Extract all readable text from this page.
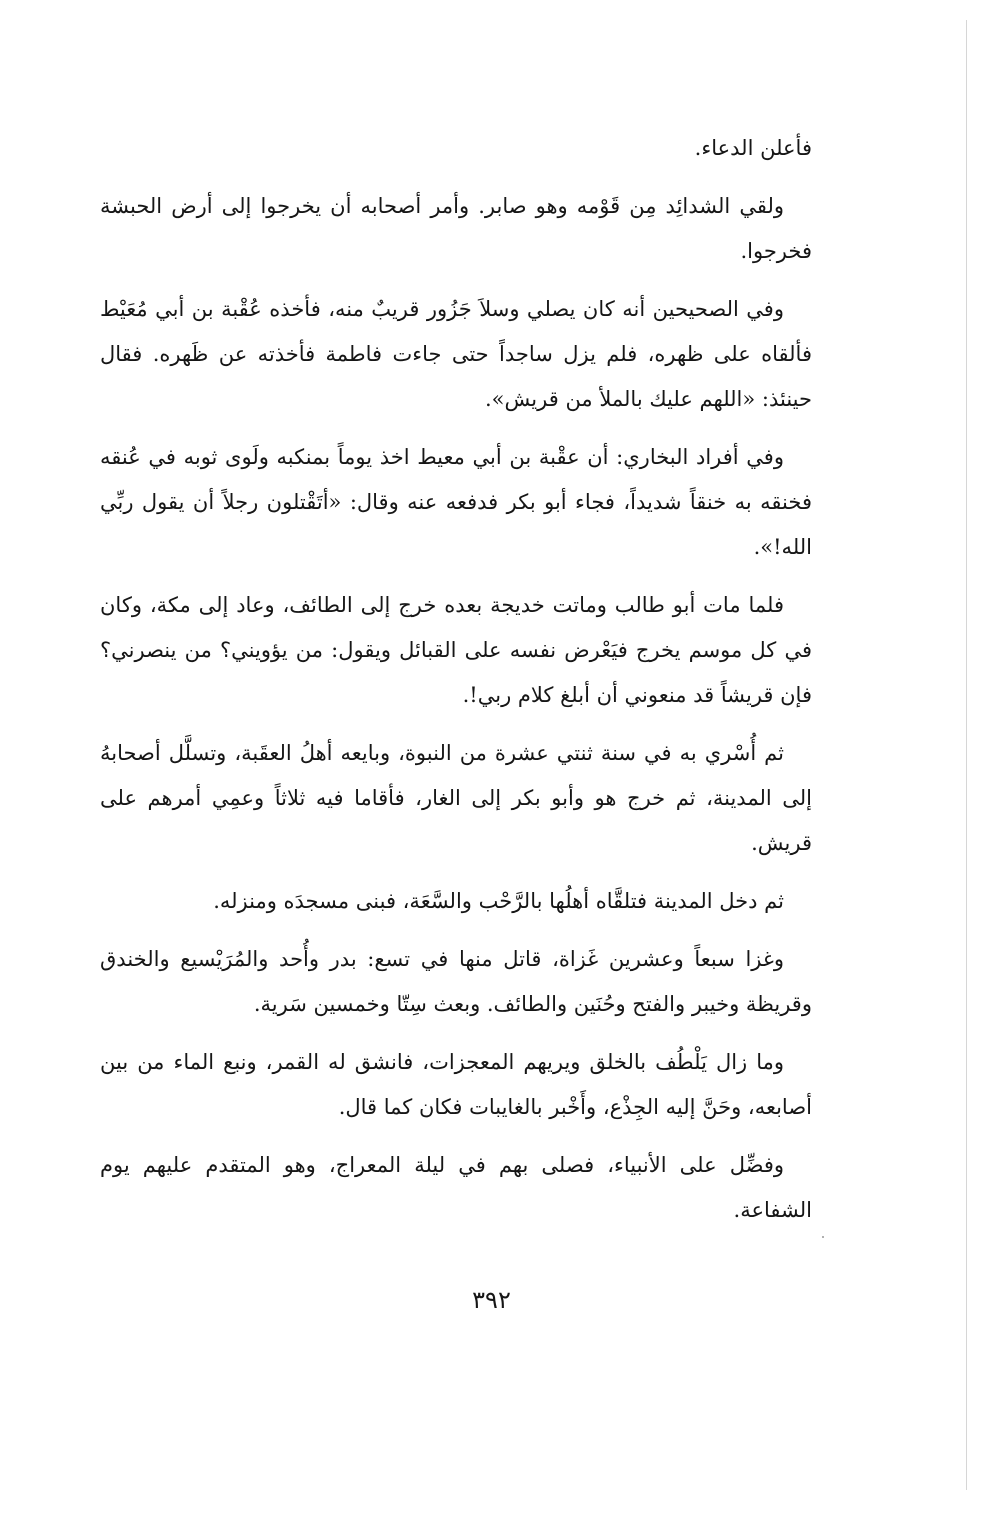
فأعلن الدعاء.

ولقي الشدائِد مِن قَوْمه وهو صابر. وأمر أصحابه أن يخرجوا إلى أرض الحبشة فخرجوا.

وفي الصحيحين أنه كان يصلي وسلاَ جَزُور قريبٌ منه، فأخذه عُقْبة بن أبي مُعَيْط فألقاه على ظهره، فلم يزل ساجداً حتى جاءت فاطمة فأخذته عن ظَهره. فقال حينئذ: «اللهم عليك بالملأ من قريش».

وفي أفراد البخاري: أن عقْبة بن أبي معيط اخذ يوماً بمنكبه ولَوى ثوبه في عُنقه فخنقه به خنقاً شديداً، فجاء أبو بكر فدفعه عنه وقال: «أتَقْتلون رجلاً أن يقول ربِّي الله!».

فلما مات أبو طالب وماتت خديجة بعده خرج إلى الطائف، وعاد إلى مكة، وكان في كل موسم يخرج فيَعْرض نفسه على القبائل ويقول: من يؤويني؟ من ينصرني؟ فإن قريشاً قد منعوني أن أبلغ كلام ربي!.

ثم أُسْري به في سنة ثنتي عشرة من النبوة، وبايعه أهلُ العقَبة، وتسلَّل أصحابهُ إلى المدينة، ثم خرج هو وأبو بكر إلى الغار، فأقاما فيه ثلاثاً وعمِي أمرهم على قريش.

ثم دخل المدينة فتلقَّاه أهلُها بالرَّحْب والسَّعَة، فبنى مسجدَه ومنزله.

وغزا سبعاً وعشرين غَزاة، قاتل منها في تسع: بدر وأُحد والمُرَيْسيع والخندق وقريظة وخيبر والفتح وحُنَين والطائف. وبعث سِتّا وخمسين سَرية.

وما زال يَلْطُف بالخلق ويريهم المعجزات، فانشق له القمر، ونبع الماء من بين أصابعه، وحَنَّ إليه الجِذْع، وأَخْبر بالغايبات فكان كما قال.

وفضِّل على الأنبياء، فصلى بهم في ليلة المعراج، وهو المتقدم عليهم يوم الشفاعة.

٣٩٢
